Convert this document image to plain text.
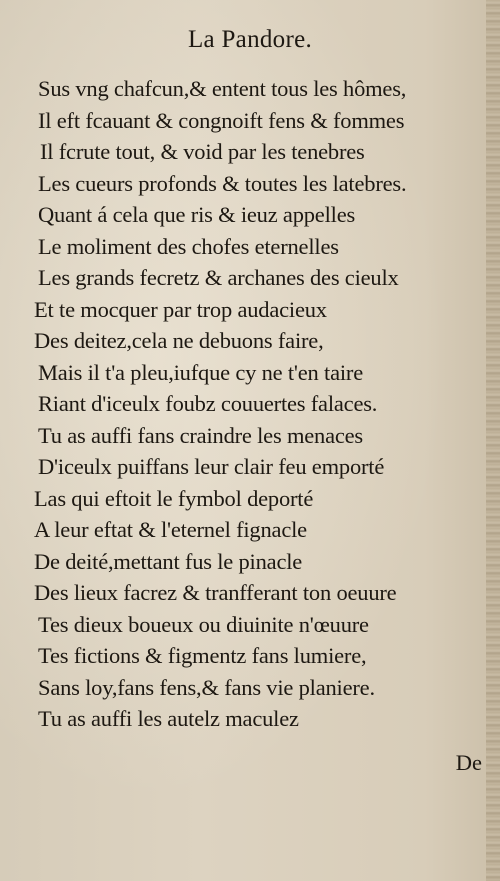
La Pandore.
Sus vng chafcun,& entent tous les hômes,
Il eft fcauant & congnoift fens & fommes
Il fcrute tout, & void par les tenebres
Les cueurs profonds & toutes les latebres.
Quant á cela que ris & ieuz appelles
Le moliment des chofes eternelles
Les grands fecretz & archanes des cieulx
Et te mocquer par trop audacieux
Des deitez,cela ne debuons faire,
Mais il t'a pleu,iufque cy ne t'en taire
Riant d'iceulx foubz couuertes falaces.
Tu as auffi fans craindre les menaces
D'iceulx puiffans leur clair feu emporté
Las qui eftoit le fymbol deporté
A leur eftat & l'eternel fignacle
De deité,mettant fus le pinacle
Des lieux facrez & tranfferant ton oeuure
Tes dieux boueux ou diuinite n'œuure
Tes fictions & figmentz fans lumiere,
Sans loy,fans fens,& fans vie planiere.
Tu as auffi les autelz maculez
De
